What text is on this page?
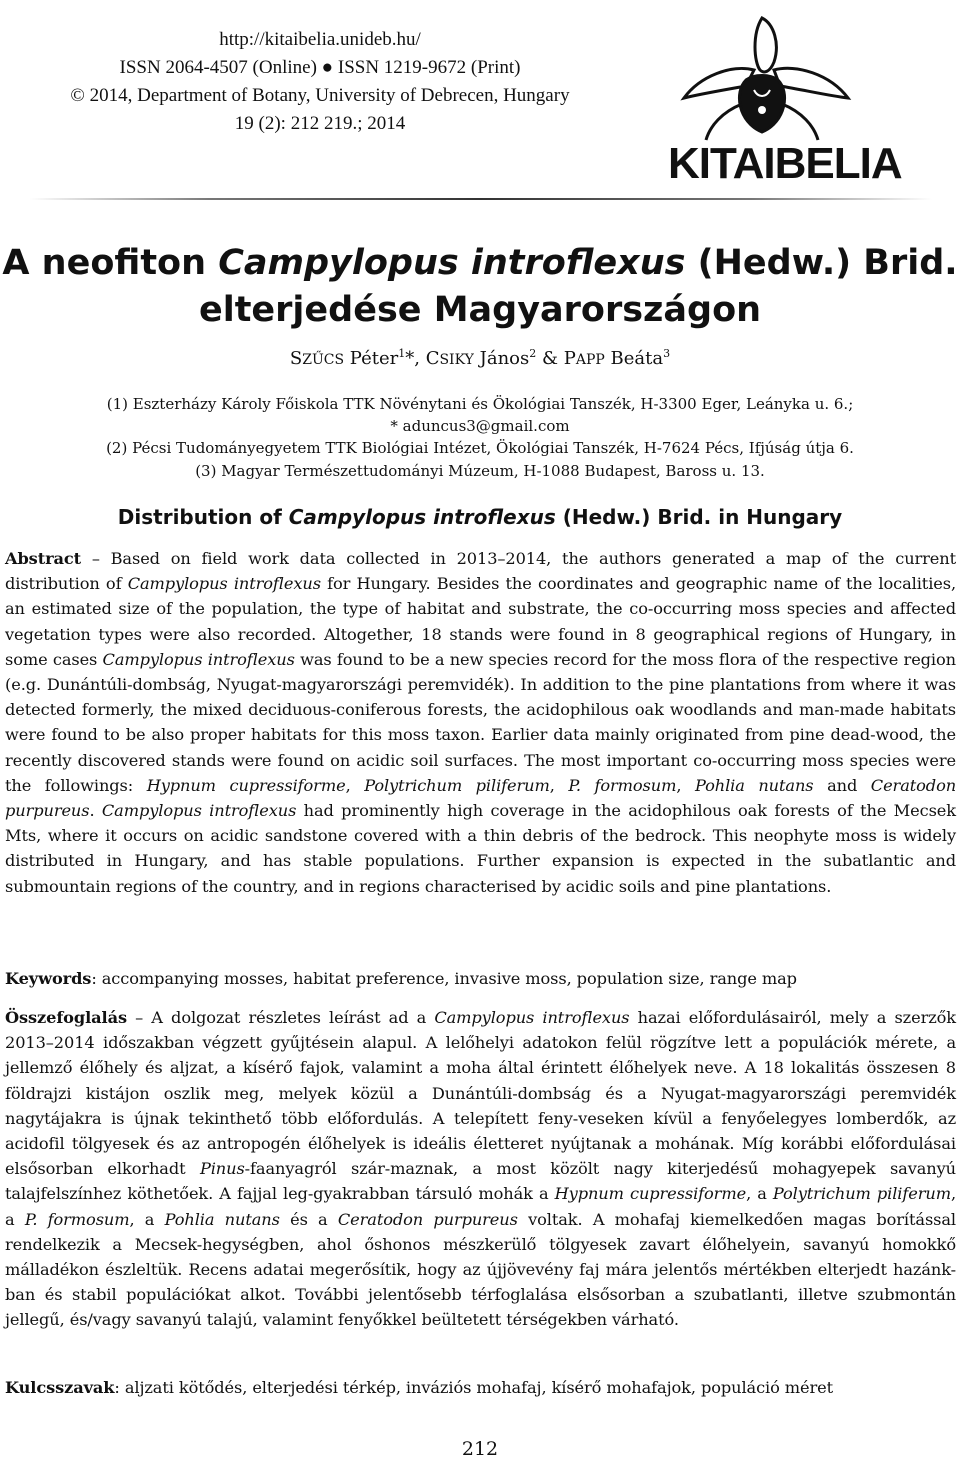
http://kitaibelia.unideb.hu/
ISSN 2064-4507 (Online) ● ISSN 1219-9672 (Print)
© 2014, Department of Botany, University of Debrecen, Hungary
19 (2): 212 219.; 2014
KITAIBELIA
A neofiton Campylopus introflexus (Hedw.) Brid.
elterjedése Magyarországon
SZŰCS Péter$^1$*, CSIKY János$^2$ & PAPP Beáta$^3$
(1) Eszterházy Károly Főiskola TTK Növénytani és Ökológiai Tanszék, H-3300 Eger, Leányka u. 6.;
* aduncus3@gmail.com
(2) Pécsi Tudományegyetem TTK Biológiai Intézet, Ökológiai Tanszék, H-7624 Pécs, Ifjúság útja 6.
(3) Magyar Természettudományi Múzeum, H-1088 Budapest, Baross u. 13.
Distribution of Campylopus introflexus (Hedw.) Brid. in Hungary
Abstract – Based on field work data collected in 2013–2014, the authors generated a map of the current distribution of Campylopus introflexus for Hungary. Besides the coordinates and geographic name of the localities, an estimated size of the population, the type of habitat and substrate, the co-occurring moss species and affected vegetation types were also recorded. Altogether, 18 stands were found in 8 geographical regions of Hungary, in some cases Campylopus introflexus was found to be a new species record for the moss flora of the respective region (e.g. Dunántúli-dombság, Nyugat-magyarországi peremvidék). In addition to the pine plantations from where it was detected formerly, the mixed deciduous-coniferous forests, the acidophilous oak woodlands and man-made habitats were found to be also proper habitats for this moss taxon. Earlier data mainly originated from pine dead-wood, the recently discovered stands were found on acidic soil surfaces. The most important co-occurring moss species were the followings: Hypnum cupressiforme, Polytrichum piliferum, P. formosum, Pohlia nutans and Ceratodon purpureus. Campylopus introflexus had prominently high coverage in the acidophilous oak forests of the Mecsek Mts, where it occurs on acidic sandstone covered with a thin debris of the bedrock. This neophyte moss is widely distributed in Hungary, and has stable populations. Further expansion is expected in the subatlantic and submountain regions of the country, and in regions characterised by acidic soils and pine plantations.
Keywords: accompanying mosses, habitat preference, invasive moss, population size, range map
Összefoglalás – A dolgozat részletes leírást ad a Campylopus introflexus hazai előfordulásairól, mely a szerzők 2013–2014 időszakban végzett gyűjtésein alapul. A lelőhelyi adatokon felül rögzítve lett a populációk mérete, a jellemző élőhely és aljzat, a kísérő fajok, valamint a moha által érintett élőhelyek neve. A 18 lokalitás összesen 8 földrajzi kistájon oszlik meg, melyek közül a Dunántúli-dombság és a Nyugat-magyarországi peremvidék nagytájakra is újnak tekinthető több előfordulás. A telepített feny-veseken kívül a fenyőelegyes lomberdők, az acidofil tölgyesek és az antropogén élőhelyek is ideális életteret nyújtanak a mohának. Míg korábbi előfordulásai elsősorban elkorhadt Pinus-faanyagról szár-maznak, a most közölt nagy kiterjedésű mohagyepek savanyú talajfelszínhez köthetőek. A fajjal leg-gyakrabban társuló mohák a Hypnum cupressiforme, a Polytrichum piliferum, a P. formosum, a Pohlia nutans és a Ceratodon purpureus voltak. A mohafaj kiemelkedően magas borítással rendelkezik a Mecsek-hegységben, ahol őshonos mészkerülő tölgyesek zavart élőhelyein, savanyú homokkő málladékon észleltük. Recens adatai megerősítik, hogy az újjövevény faj mára jelentős mértékben elterjedt hazánk-ban és stabil populációkat alkot. További jelentősebb térfoglalása elsősorban a szubatlanti, illetve szubmontán jellegű, és/vagy savanyú talajú, valamint fenyőkkel beültetett térségekben várható.
Kulcsszavak: aljzati kötődés, elterjedési térkép, inváziós mohafaj, kísérő mohafajok, populáció méret
212
